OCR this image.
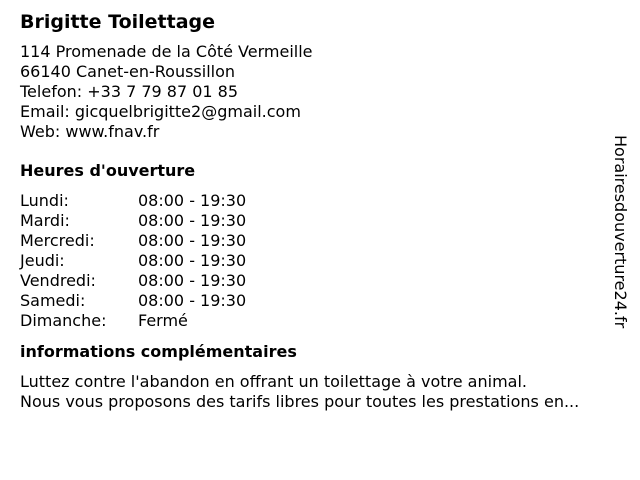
Brigitte Toilettage
114 Promenade de la Côté Vermeille
66140 Canet-en-Roussillon
Telefon: +33 7 79 87 01 85
Email: gicquelbrigitte2@gmail.com
Web: www.fnav.fr
Heures d'ouverture
Lundi:	08:00 - 19:30
Mardi:	08:00 - 19:30
Mercredi:	08:00 - 19:30
Jeudi:	08:00 - 19:30
Vendredi:	08:00 - 19:30
Samedi:	08:00 - 19:30
Dimanche:	Fermé
informations complémentaires
Luttez contre l'abandon en offrant un toilettage à votre animal.
Nous vous proposons des tarifs libres pour toutes les prestations en...
Horairesdouverture24.fr
